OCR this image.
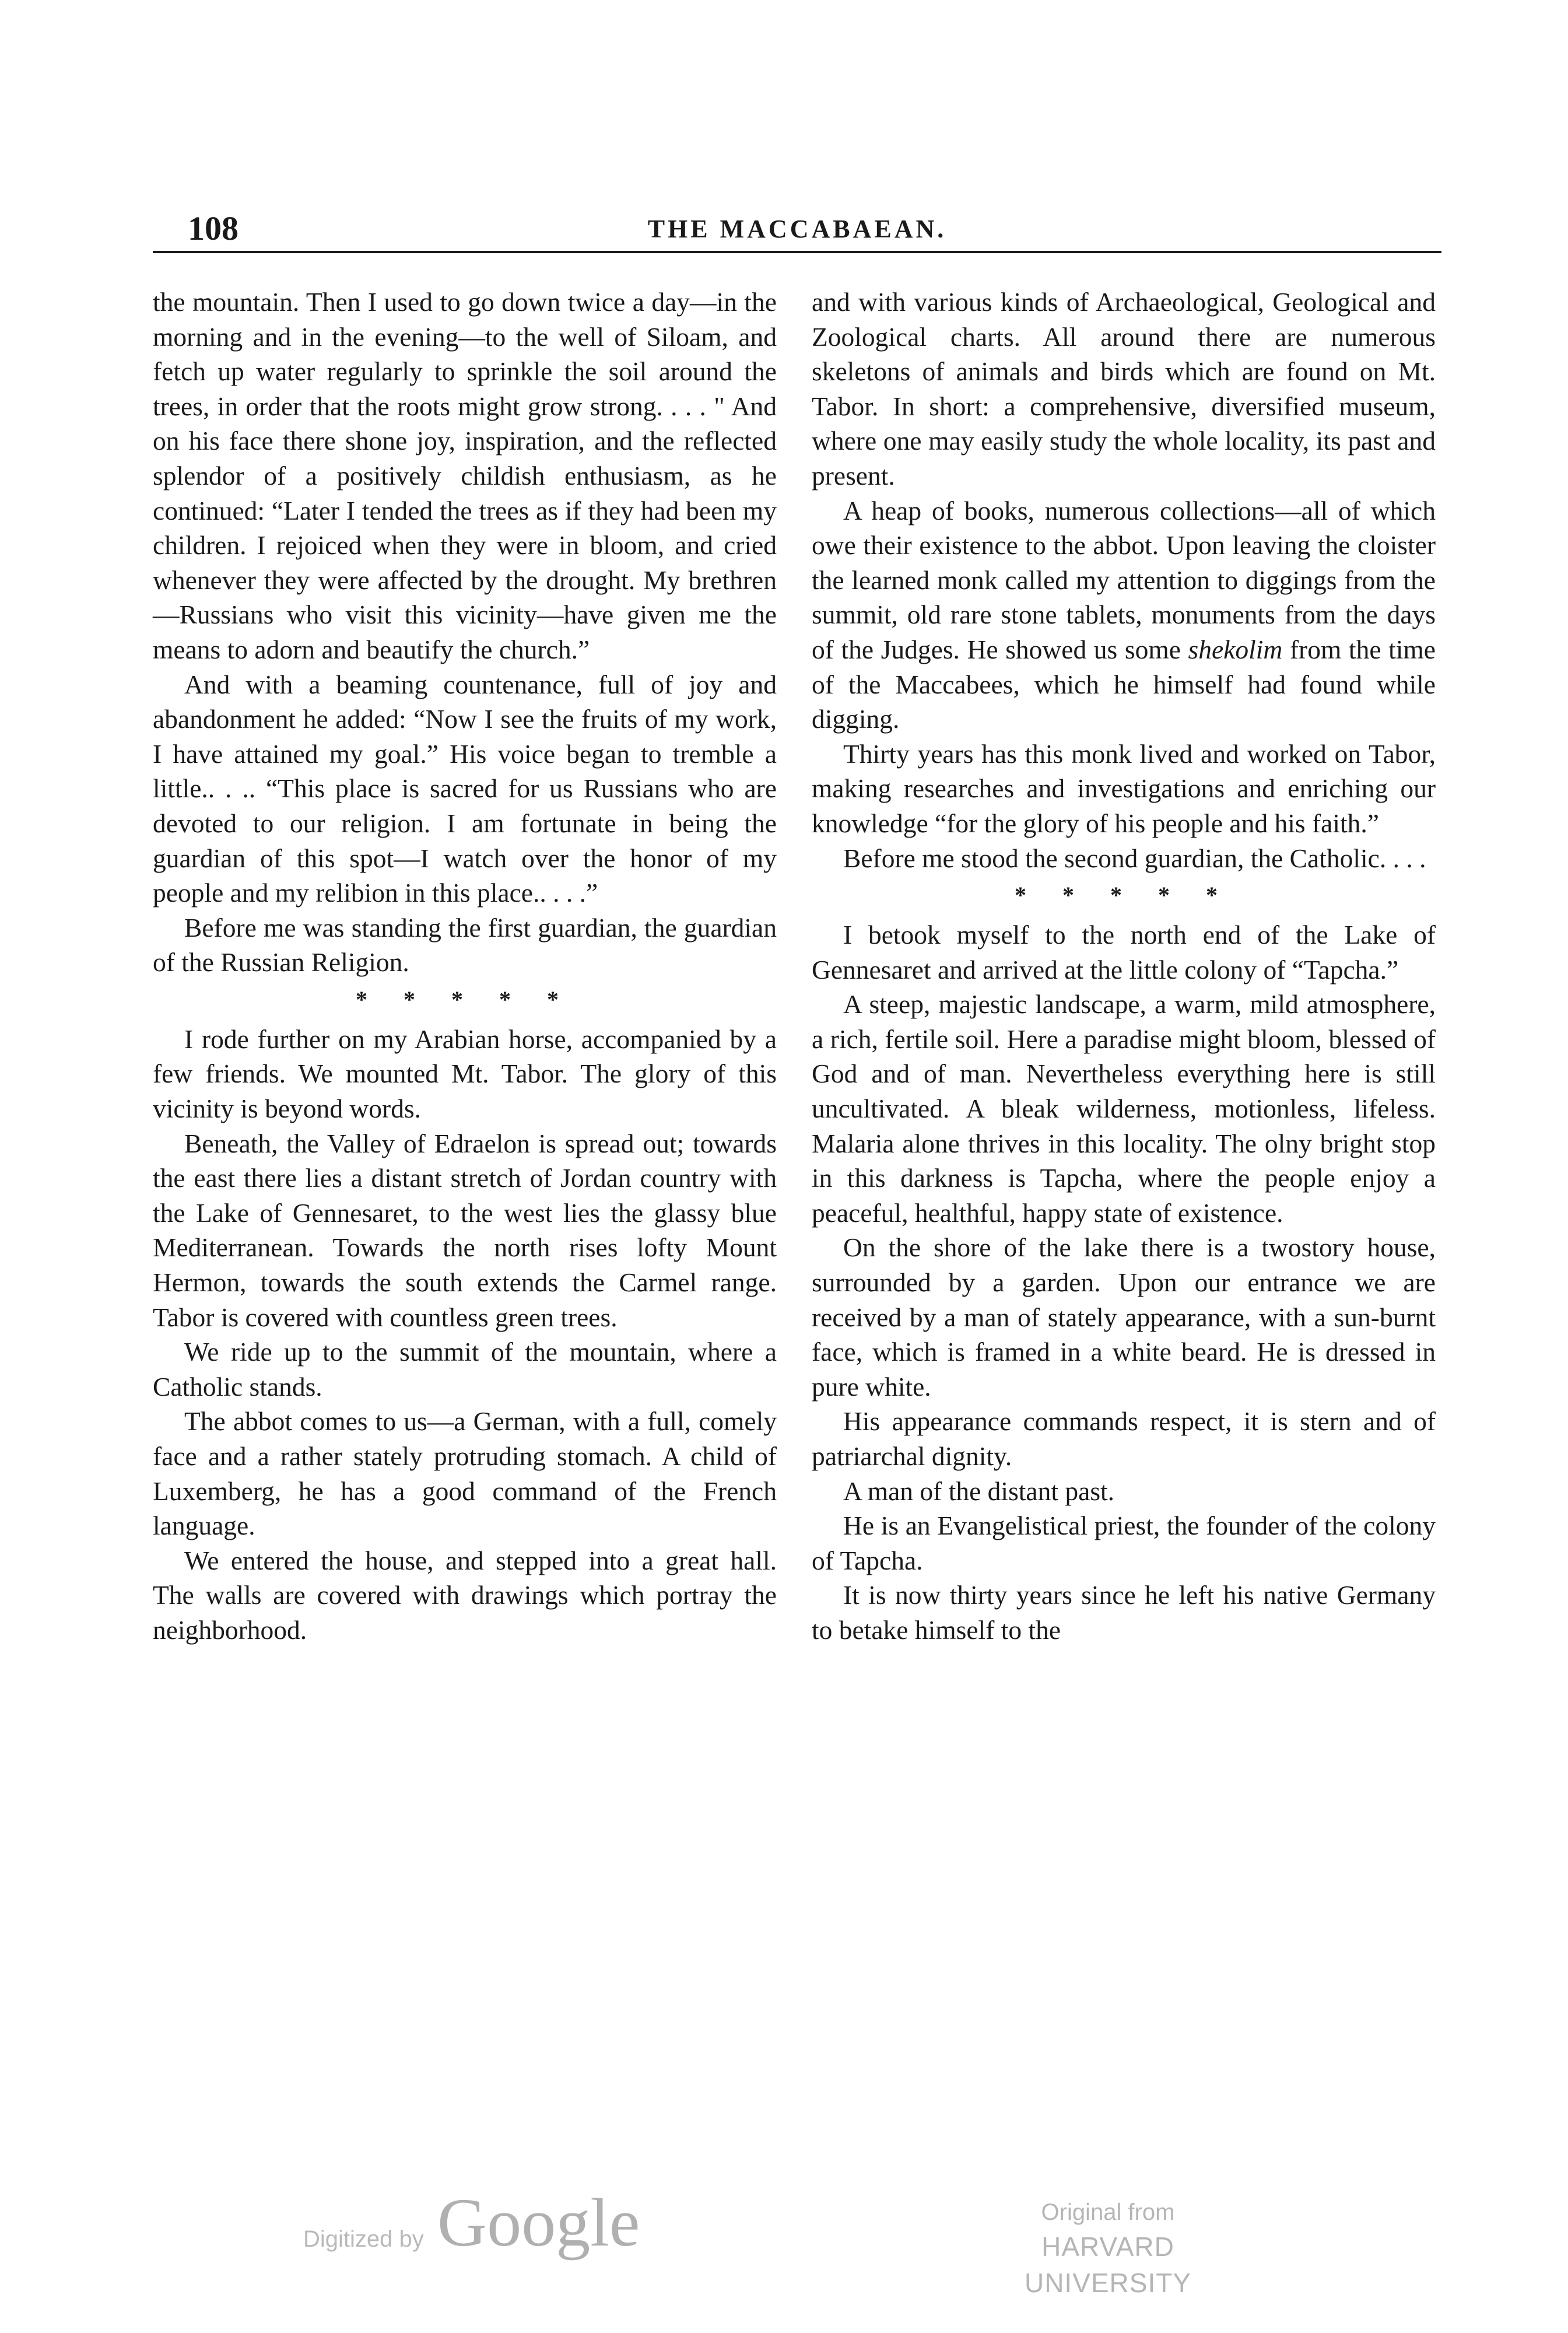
108	THE MACCABAEAN.

the mountain. Then I used to go down twice a day—in the morning and in the evening—to the well of Siloam, and fetch up water regularly to sprinkle the soil around the trees, in order that the roots might grow strong. . . . " And on his face there shone joy, inspiration, and the reflected splendor of a positively childish enthusiasm, as he continued: “Later I tended the trees as if they had been my children. I rejoiced when they were in bloom, and cried whenever they were affected by the drought. My brethren—Russians who visit this vicinity—have given me the means to adorn and beautify the church.”

And with a beaming countenance, full of joy and abandonment he added: “Now I see the fruits of my work, I have attained my goal.” His voice began to tremble a little.. . .. “This place is sacred for us Russians who are devoted to our religion. I am fortunate in being the guardian of this spot—I watch over the honor of my people and my relibion in this place.. . . .”

Before me was standing the first guardian, the guardian of the Russian Religion.

* * * * *

I rode further on my Arabian horse, accompanied by a few friends. We mounted Mt. Tabor. The glory of this vicinity is beyond words.

Beneath, the Valley of Edraelon is spread out; towards the east there lies a distant stretch of Jordan country with the Lake of Gennesaret, to the west lies the glassy blue Mediterranean. Towards the north rises lofty Mount Hermon, towards the south extends the Carmel range. Tabor is covered with countless green trees.

We ride up to the summit of the mountain, where a Catholic stands.

The abbot comes to us—a German, with a full, comely face and a rather stately protruding stomach. A child of Luxemberg, he has a good command of the French language.

We entered the house, and stepped into a great hall. The walls are covered with drawings which portray the neighborhood.

and with various kinds of Archaeological, Geological and Zoological charts. All around there are numerous skeletons of animals and birds which are found on Mt. Tabor. In short: a comprehensive, diversified museum, where one may easily study the whole locality, its past and present.

A heap of books, numerous collections—all of which owe their existence to the abbot. Upon leaving the cloister the learned monk called my attention to diggings from the summit, old rare stone tablets, monuments from the days of the Judges. He showed us some shekolim from the time of the Maccabees, which he himself had found while digging.

Thirty years has this monk lived and worked on Tabor, making researches and investigations and enriching our knowledge “for the glory of his people and his faith.”

Before me stood the second guardian, the Catholic. . . .

* * * * *

I betook myself to the north end of the Lake of Gennesaret and arrived at the little colony of “Tapcha.”

A steep, majestic landscape, a warm, mild atmosphere, a rich, fertile soil. Here a paradise might bloom, blessed of God and of man. Nevertheless everything here is still uncultivated. A bleak wilderness, motionless, lifeless. Malaria alone thrives in this locality. The olny bright stop in this darkness is Tapcha, where the people enjoy a peaceful, healthful, happy state of existence.

On the shore of the lake there is a twostory house, surrounded by a garden. Upon our entrance we are received by a man of stately appearance, with a sun-burnt face, which is framed in a white beard. He is dressed in pure white.

His appearance commands respect, it is stern and of patriarchal dignity.

A man of the distant past.

He is an Evangelistical priest, the founder of the colony of Tapcha.

It is now thirty years since he left his native Germany to betake himself to the

Digitized by Google	Original from
HARVARD UNIVERSITY
